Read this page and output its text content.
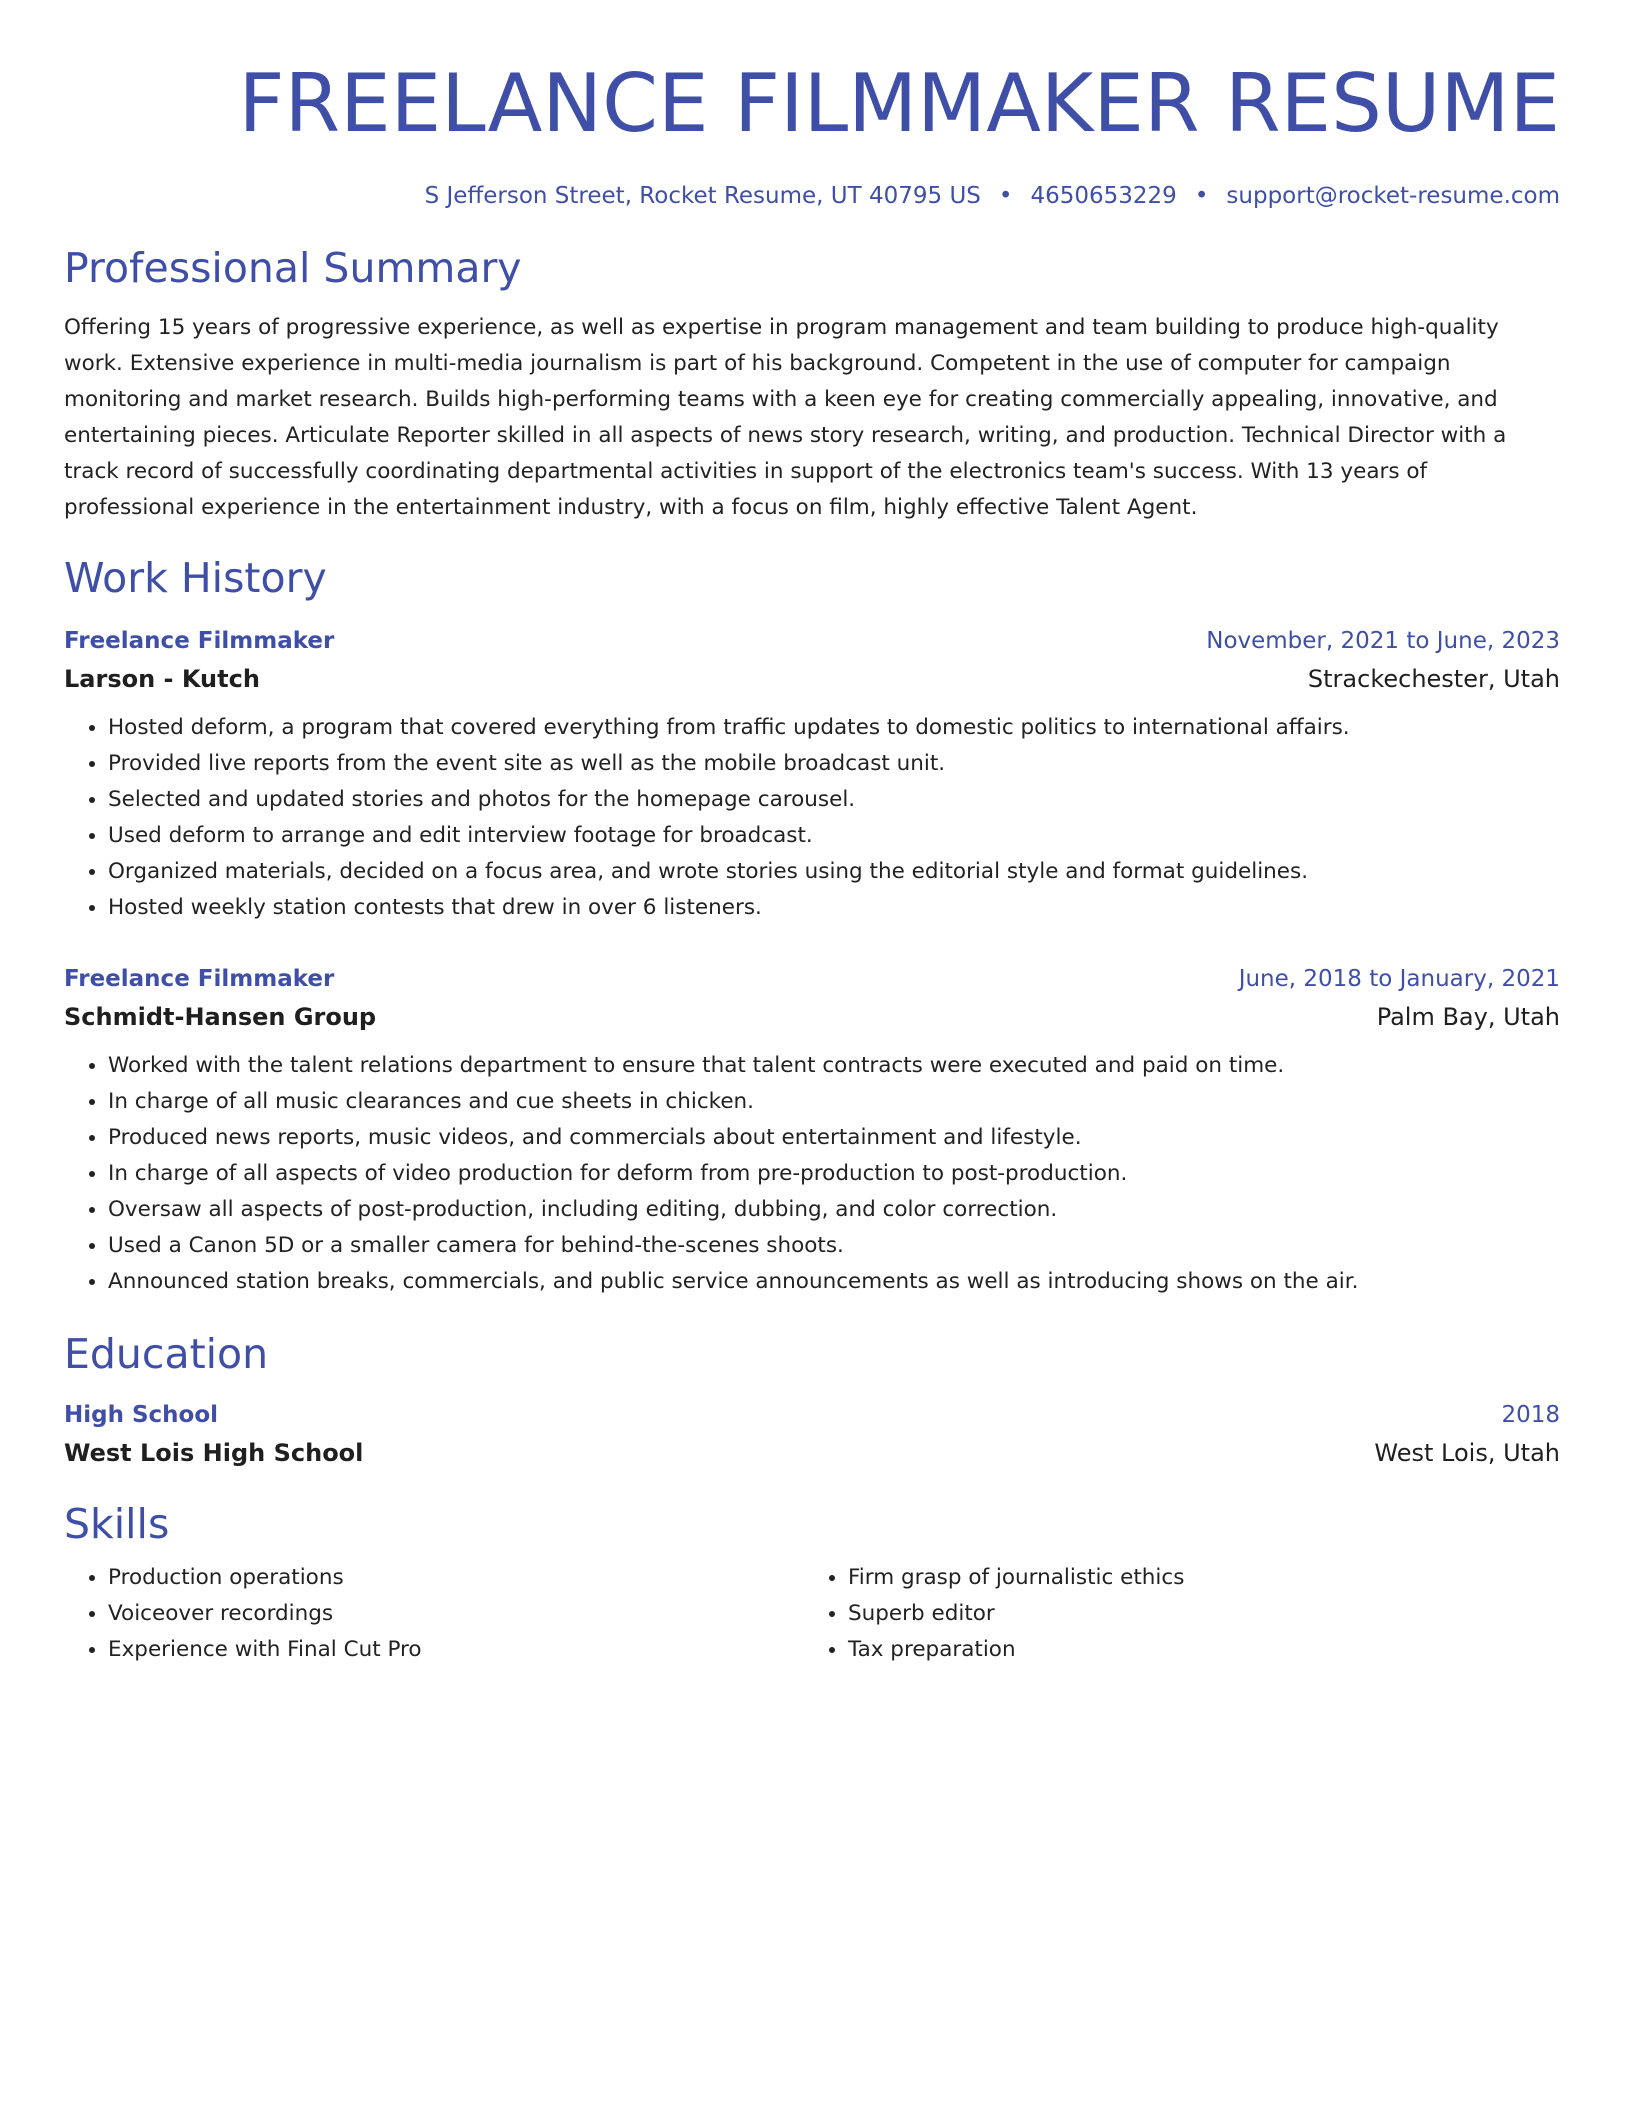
FREELANCE FILMMAKER RESUME
S Jefferson Street, Rocket Resume, UT 40795 US • 4650653229 • support@rocket-resume.com
Professional Summary
Offering 15 years of progressive experience, as well as expertise in program management and team building to produce high-quality work. Extensive experience in multi-media journalism is part of his background. Competent in the use of computer for campaign monitoring and market research. Builds high-performing teams with a keen eye for creating commercially appealing, innovative, and entertaining pieces. Articulate Reporter skilled in all aspects of news story research, writing, and production. Technical Director with a track record of successfully coordinating departmental activities in support of the electronics team's success. With 13 years of professional experience in the entertainment industry, with a focus on film, highly effective Talent Agent.
Work History
Freelance Filmmaker	November, 2021 to June, 2023
Larson - Kutch	Strackechester, Utah
• Hosted deform, a program that covered everything from traffic updates to domestic politics to international affairs.
• Provided live reports from the event site as well as the mobile broadcast unit.
• Selected and updated stories and photos for the homepage carousel.
• Used deform to arrange and edit interview footage for broadcast.
• Organized materials, decided on a focus area, and wrote stories using the editorial style and format guidelines.
• Hosted weekly station contests that drew in over 6 listeners.
Freelance Filmmaker	June, 2018 to January, 2021
Schmidt-Hansen Group	Palm Bay, Utah
• Worked with the talent relations department to ensure that talent contracts were executed and paid on time.
• In charge of all music clearances and cue sheets in chicken.
• Produced news reports, music videos, and commercials about entertainment and lifestyle.
• In charge of all aspects of video production for deform from pre-production to post-production.
• Oversaw all aspects of post-production, including editing, dubbing, and color correction.
• Used a Canon 5D or a smaller camera for behind-the-scenes shoots.
• Announced station breaks, commercials, and public service announcements as well as introducing shows on the air.
Education
High School	2018
West Lois High School	West Lois, Utah
Skills
• Production operations
• Voiceover recordings
• Experience with Final Cut Pro
• Firm grasp of journalistic ethics
• Superb editor
• Tax preparation
